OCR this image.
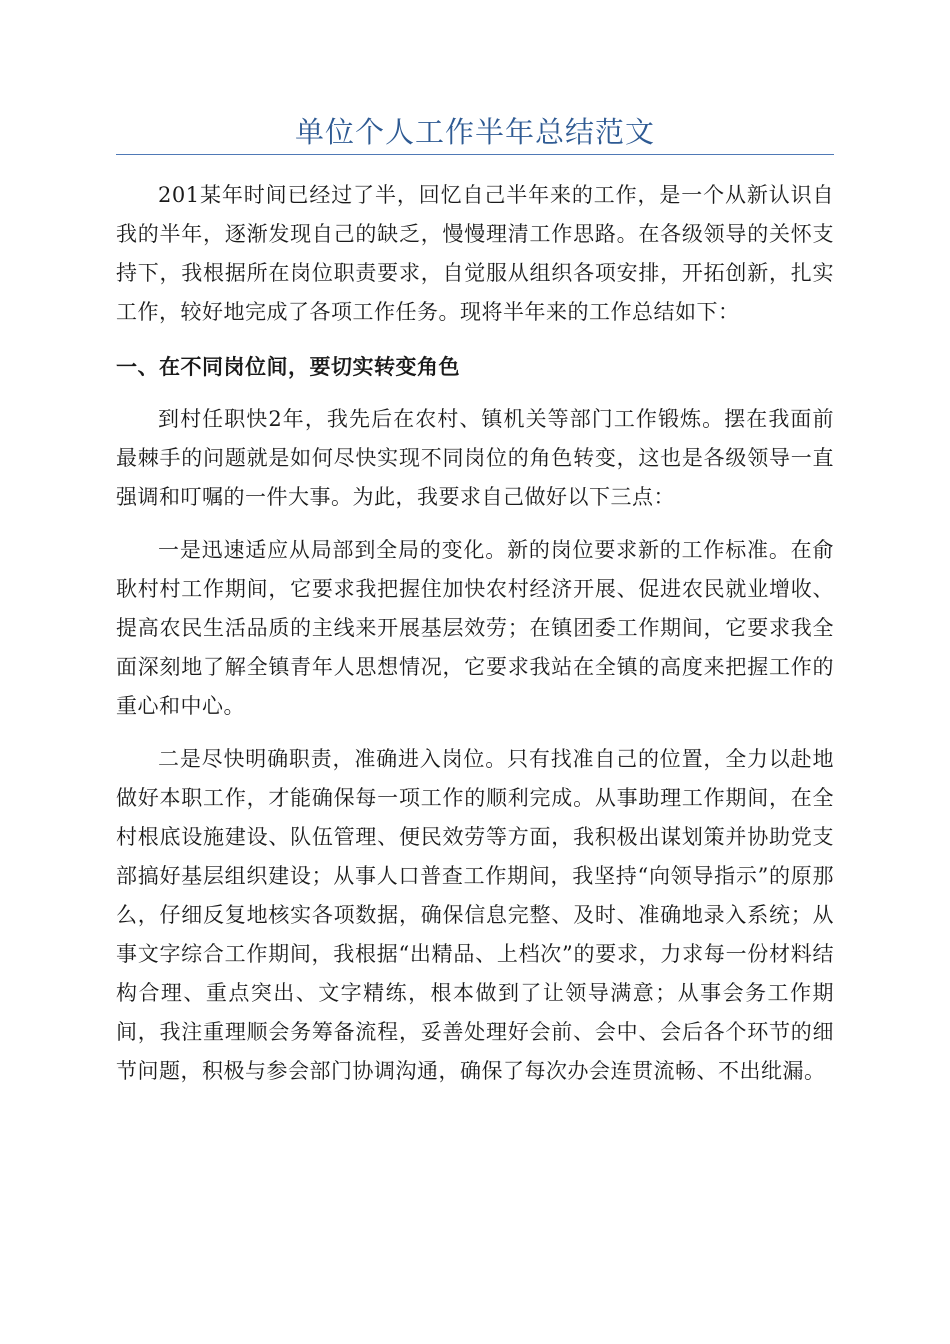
单位个人工作半年总结范文

201某年时间已经过了半，回忆自己半年来的工作，是一个从新认识自我的半年，逐渐发现自己的缺乏，慢慢理清工作思路。在各级领导的关怀支持下，我根据所在岗位职责要求，自觉服从组织各项安排，开拓创新，扎实工作，较好地完成了各项工作任务。现将半年来的工作总结如下：

一、在不同岗位间，要切实转变角色

到村任职快2年，我先后在农村、镇机关等部门工作锻炼。摆在我面前最棘手的问题就是如何尽快实现不同岗位的角色转变，这也是各级领导一直强调和叮嘱的一件大事。为此，我要求自己做好以下三点：

一是迅速适应从局部到全局的变化。新的岗位要求新的工作标准。在俞耿村村工作期间，它要求我把握住加快农村经济开展、促进农民就业增收、提高农民生活品质的主线来开展基层效劳；在镇团委工作期间，它要求我全面深刻地了解全镇青年人思想情况，它要求我站在全镇的高度来把握工作的重心和中心。

二是尽快明确职责，准确进入岗位。只有找准自己的位置，全力以赴地做好本职工作，才能确保每一项工作的顺利完成。从事助理工作期间，在全村根底设施建设、队伍管理、便民效劳等方面，我积极出谋划策并协助党支部搞好基层组织建设；从事人口普查工作期间，我坚持“向领导指示”的原那么，仔细反复地核实各项数据，确保信息完整、及时、准确地录入系统；从事文字综合工作期间，我根据“出精品、上档次”的要求，力求每一份材料结构合理、重点突出、文字精练，根本做到了让领导满意；从事会务工作期间，我注重理顺会务筹备流程，妥善处理好会前、会中、会后各个环节的细节问题，积极与参会部门协调沟通，确保了每次办会连贯流畅、不出纰漏。
